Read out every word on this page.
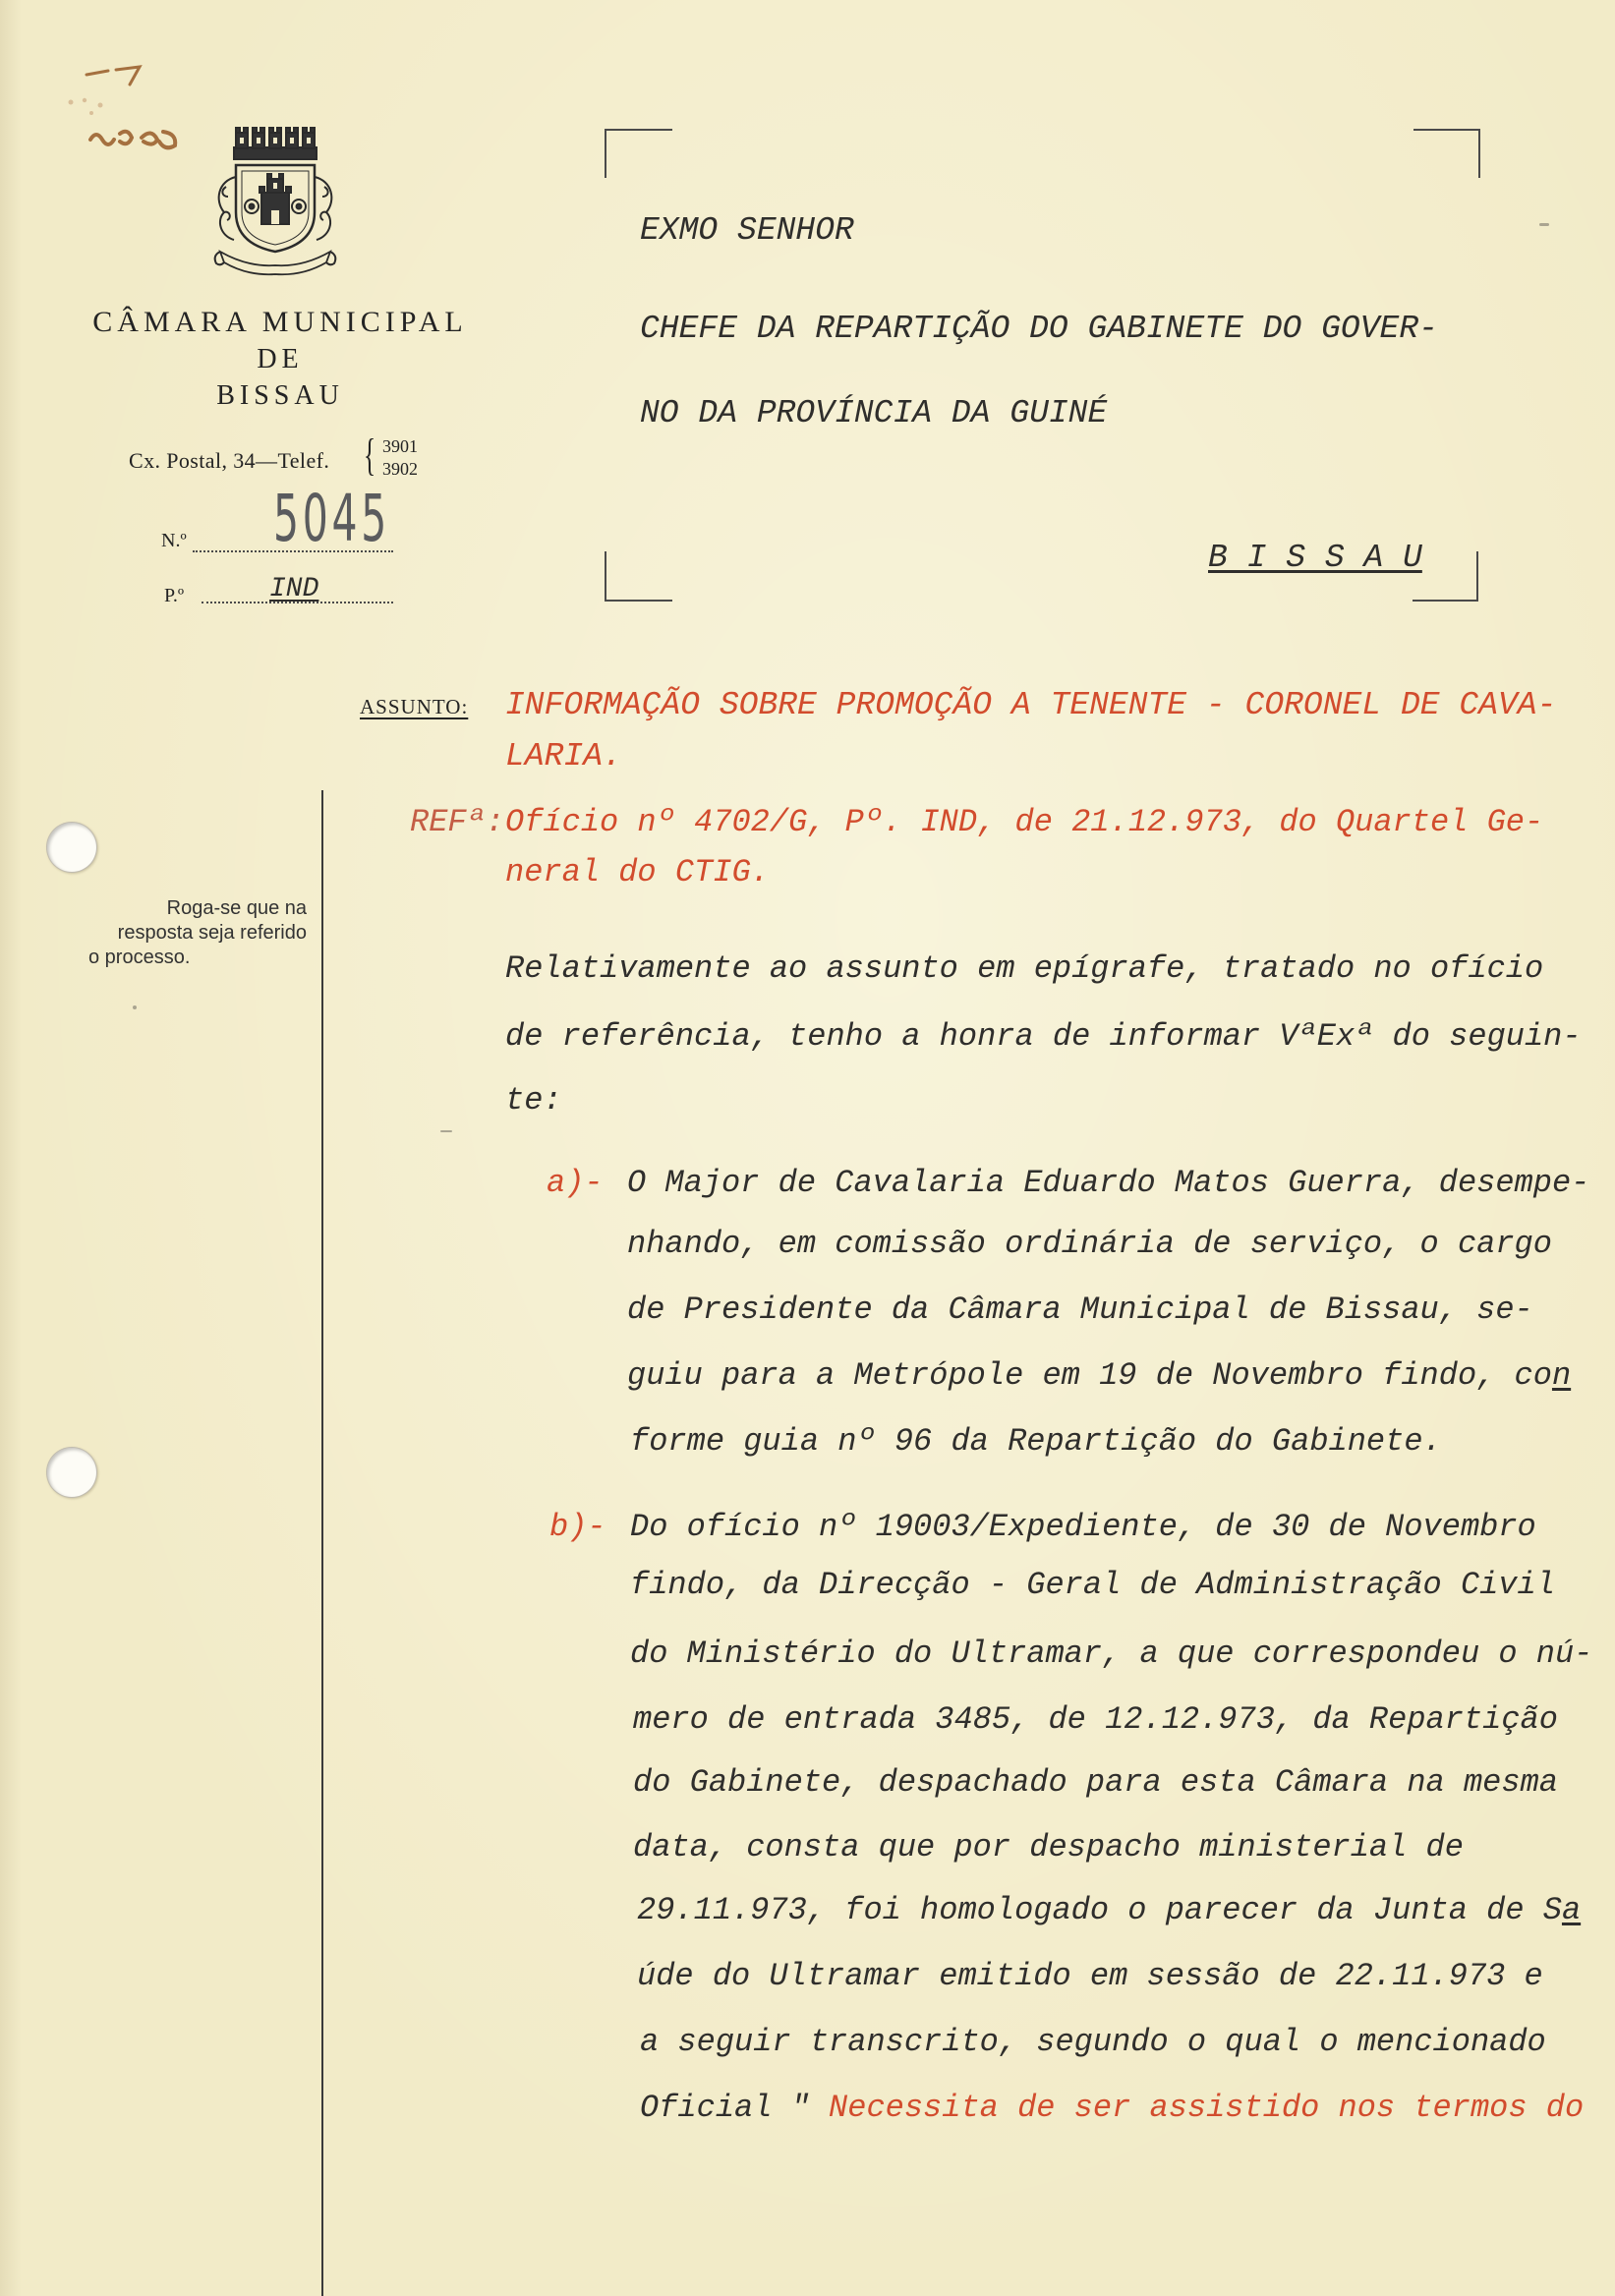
CÂMARA MUNICIPAL
DE
BISSAU
Cx. Postal, 34—Telef. { 3901
3902
N.º 5045
P.º	IND
EXMO SENHOR
CHEFE DA REPARTIÇÃO DO GABINETE DO GOVER-
NO DA PROVÍNCIA DA GUINÉ
B I S S A U
ASSUNTO: INFORMAÇÃO SOBRE PROMOÇÃO A TENENTE - CORONEL DE CAVA-
LARIA.
REFª: Ofício nº 4702/G, Pº. IND, de 21.12.973, do Quartel Ge-
neral do CTIG.
Roga-se que na
resposta seja referido
o processo.	Relativamente ao assunto em epígrafe, tratado no ofício
de referência, tenho a honra de informar VªExª do seguin-
te:
a)- O Major de Cavalaria Eduardo Matos Guerra, desempe-
nhando, em comissão ordinária de serviço, o cargo
de Presidente da Câmara Municipal de Bissau, se-
guiu para a Metrópole em 19 de Novembro findo, con
forme guia nº 96 da Repartição do Gabinete.
b)- Do ofício nº 19003/Expediente, de 30 de Novembro
findo, da Direcção - Geral de Administração Civil
do Ministério do Ultramar, a que correspondeu o nú-
mero de entrada 3485, de 12.12.973, da Repartição
do Gabinete, despachado para esta Câmara na mesma
data, consta que por despacho ministerial de
29.11.973, foi homologado o parecer da Junta de Sa
úde do Ultramar emitido em sessão de 22.11.973 e
a seguir transcrito, segundo o qual o mencionado
Oficial " Necessita de ser assistido nos termos do
